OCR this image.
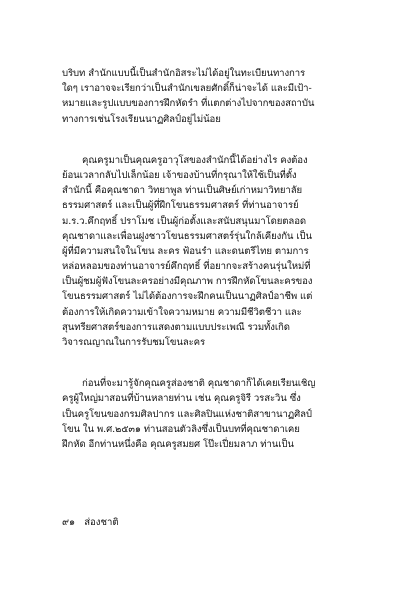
บริบท สำนักแบบนี้เป็นสำนักอิสระไม่ได้อยู่ในทะเบียนทางการ
ใดๆ เราอาจจะเรียกว่าเป็นสำนักเขลยศักดิ์ก็น่าจะได้ และมีเป้า-
หมายและรูปแบบของการฝึกหัดรำ ที่แตกต่างไปจากของสถาบัน
ทางการเช่นโรงเรียนนาฏศิลป์อยู่ไม่น้อย
คุณครูมาเป็นคุณครูอาวุโสของสำนักนี้ได้อย่างไร คงต้อง
ย้อนเวลากลับไปเล็กน้อย เจ้าของบ้านที่กรุณาให้ใช้เป็นที่ตั้ง
สำนักนี้ คือคุณชาดา วิทยาพูล ท่านเป็นศิษย์เก่าหมาวิทยาลัย
ธรรมศาสตร์ และเป็นผู้ที่ฝึกโขนธรรมศาสตร์ ที่ท่านอาจารย์
ม.ร.ว.คึกฤทธิ์ ปราโมช เป็นผู้ก่อตั้งและสนับสนุนมาโดยตลอด
คุณชาดาและเพื่อนฝูงชาวโขนธรรมศาสตร์รุ่นใกล้เคียงกัน เป็น
ผู้ที่มีความสนใจในโขน ละคร ฟ้อนรำ และดนตรีไทย ตามการ
หล่อหลอมของท่านอาจารย์คึกฤทธิ์ ที่อยากจะสร้างคนรุ่นใหม่ที่
เป็นผู้ชมผู้ฟังโขนละครอย่างมีคุณภาพ การฝึกหัดโขนละครของ
โขนธรรมศาสตร์ ไม่ได้ต้องการจะฝึกคนเป็นนาฏศิลป์อาชีพ แต่
ต้องการให้เกิดความเข้าใจความหมาย ความมีชีวิตชีวา และ
สุนทรียศาสตร์ของการแสดงตามแบบประเพณี รวมทั้งเกิด
วิจารณญาณในการรับชมโขนละคร
ก่อนที่จะมารู้จักคุณครูส่องชาติ คุณชาดาก็ได้เคยเรียนเชิญ
ครูผู้ใหญ่มาสอนที่บ้านหลายท่าน เช่น คุณครูจิรี วรสะวิน ซึ่ง
เป็นครูโขนของกรมศิลปากร และศิลปินแห่งชาติสาขานาฏศิลป์
โขน ใน พ.ศ.๒๕๓๑ ท่านสอนตัวลิงซึ่งเป็นบทที่คุณชาดาเคย
ฝึกหัด อีกท่านหนึ่งคือ คุณครูสมยศ โป๊ะเปี่ยมลาภ ท่านเป็น
๙๑ ส่องชาติ
